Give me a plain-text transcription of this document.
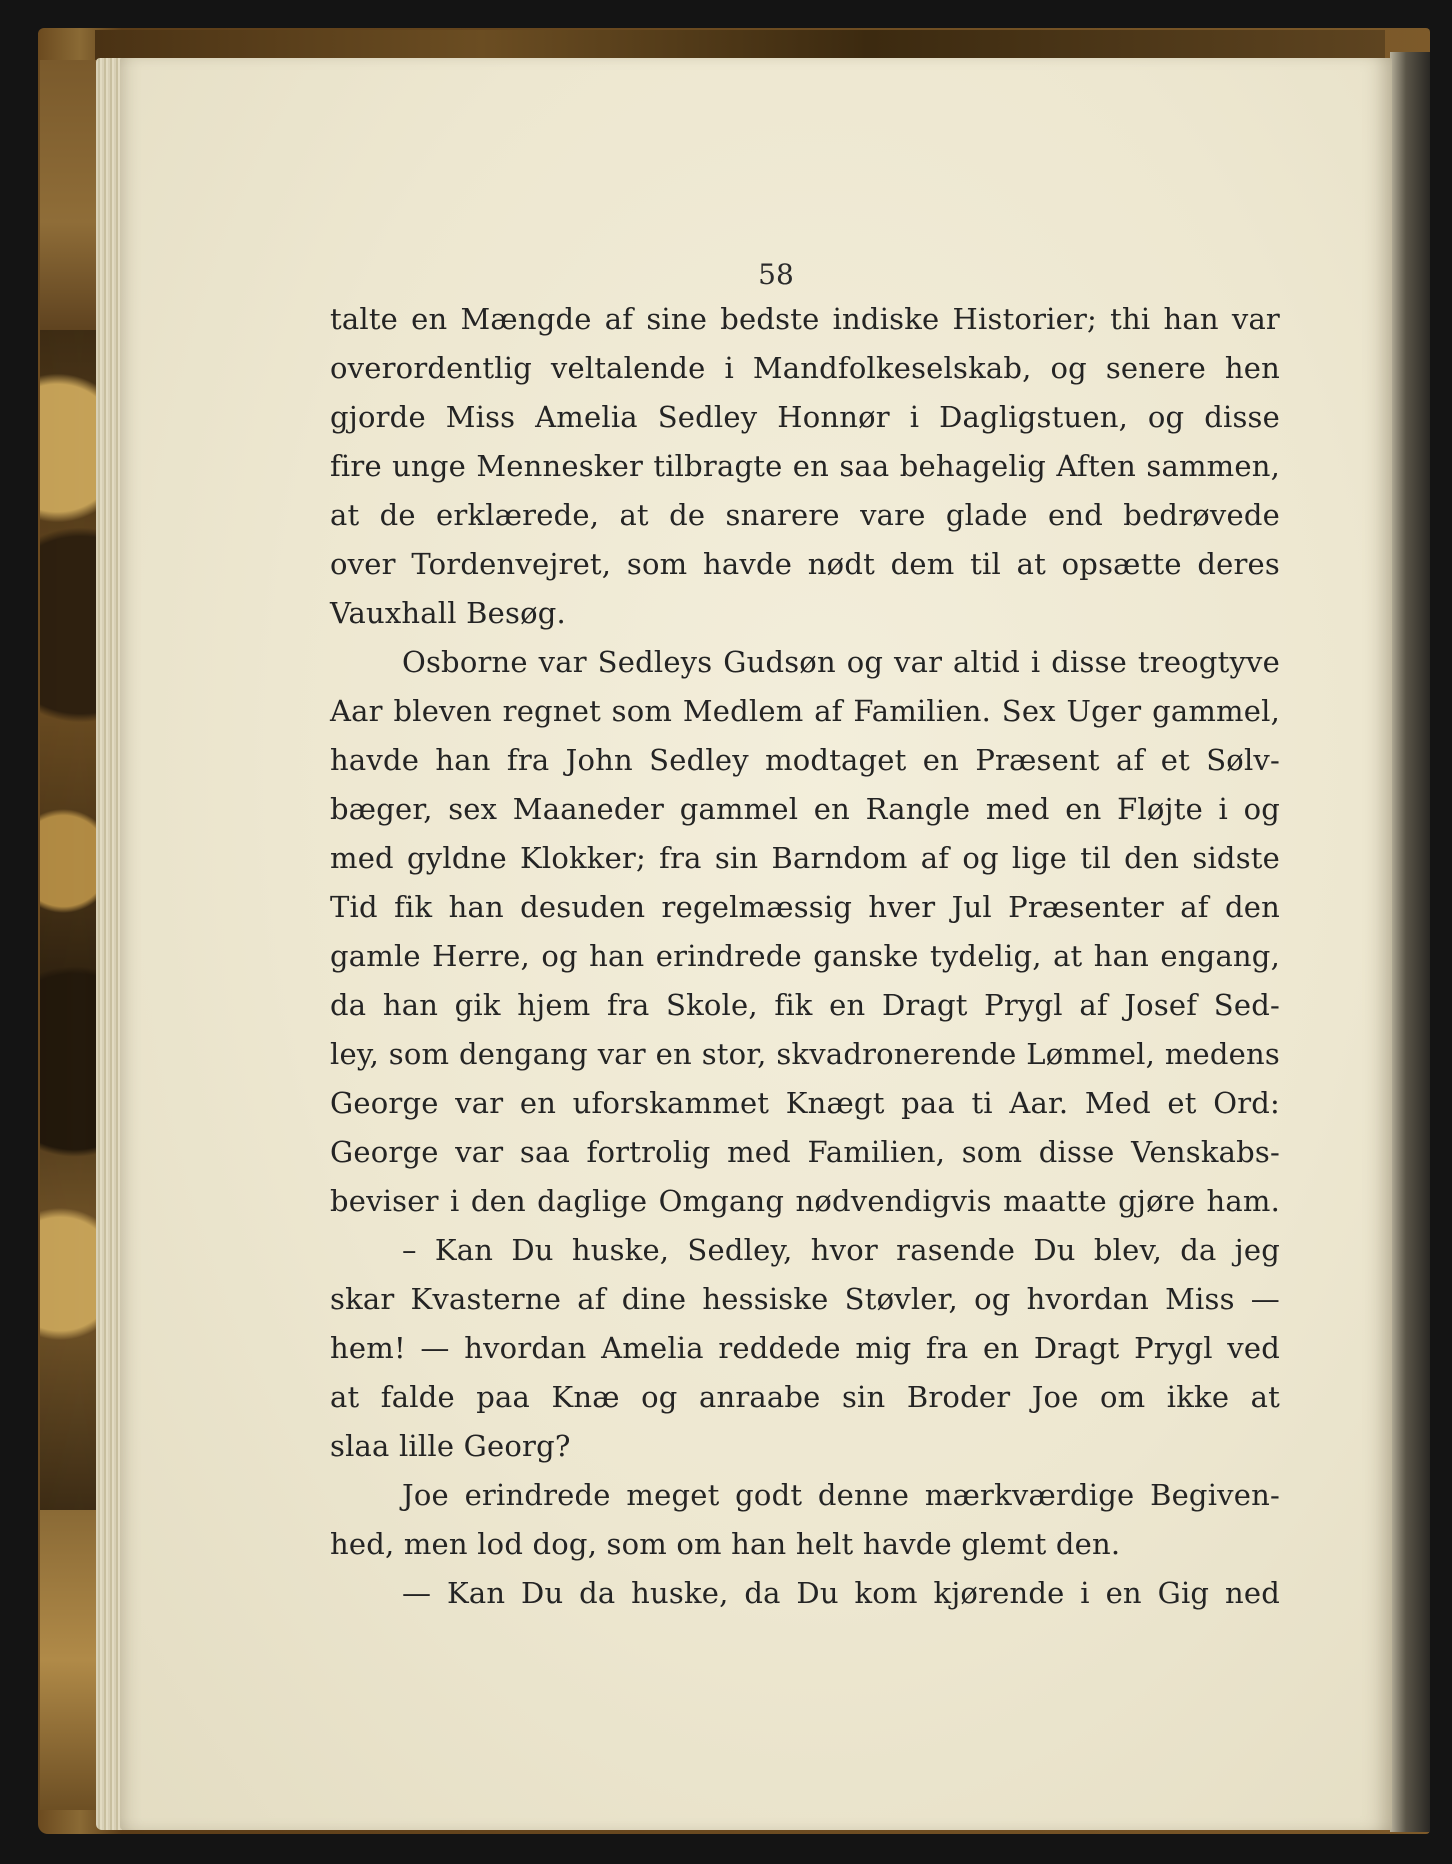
58
talte en Mængde af sine bedste indiske Historier; thi han var
overordentlig veltalende i Mandfolkeselskab, og senere hen
gjorde Miss Amelia Sedley Honnør i Dagligstuen, og disse
fire unge Mennesker tilbragte en saa behagelig Aften sammen,
at de erklærede, at de snarere vare glade end bedrøvede
over Tordenvejret, som havde nødt dem til at opsætte deres
Vauxhall Besøg.
Osborne var Sedleys Gudsøn og var altid i disse treogtyve
Aar bleven regnet som Medlem af Familien. Sex Uger gammel,
havde han fra John Sedley modtaget en Præsent af et Sølv-
bæger, sex Maaneder gammel en Rangle med en Fløjte i og
med gyldne Klokker; fra sin Barndom af og lige til den sidste
Tid fik han desuden regelmæssig hver Jul Præsenter af den
gamle Herre, og han erindrede ganske tydelig, at han engang,
da han gik hjem fra Skole, fik en Dragt Prygl af Josef Sed-
ley, som dengang var en stor, skvadronerende Lømmel, medens
George var en uforskammet Knægt paa ti Aar. Med et Ord:
George var saa fortrolig med Familien, som disse Venskabs-
beviser i den daglige Omgang nødvendigvis maatte gjøre ham.
– Kan Du huske, Sedley, hvor rasende Du blev, da jeg
skar Kvasterne af dine hessiske Støvler, og hvordan Miss —
hem! — hvordan Amelia reddede mig fra en Dragt Prygl ved
at falde paa Knæ og anraabe sin Broder Joe om ikke at
slaa lille Georg?
Joe erindrede meget godt denne mærkværdige Begiven-
hed, men lod dog, som om han helt havde glemt den.
— Kan Du da huske, da Du kom kjørende i en Gig ned
